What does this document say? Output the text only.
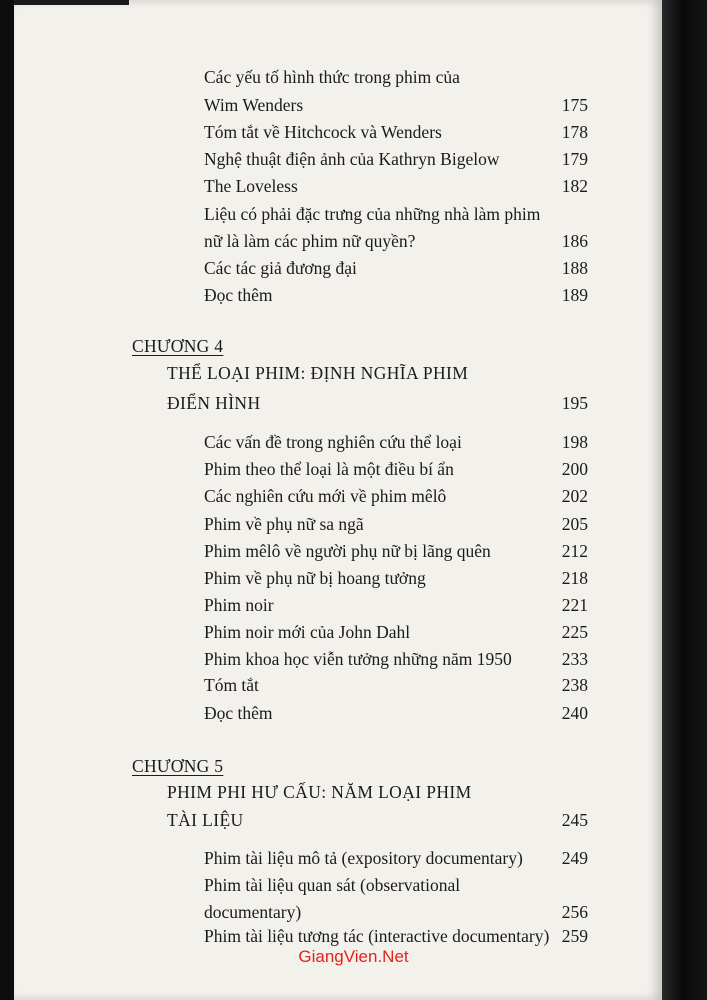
Các yếu tố hình thức trong phim của
Wim Wenders	175
Tóm tắt về Hitchcock và Wenders	178
Nghệ thuật điện ảnh của Kathryn Bigelow	179
The Loveless	182
Liệu có phải đặc trưng của những nhà làm phim
nữ là làm các phim nữ quyền?	186
Các tác giả đương đại	188
Đọc thêm	189
CHƯƠNG 4
THỂ LOẠI PHIM: ĐỊNH NGHĨA PHIM
ĐIỂN HÌNH	195
Các vấn đề trong nghiên cứu thể loại	198
Phim theo thể loại là một điều bí ẩn	200
Các nghiên cứu mới về phim mêlô	202
Phim về phụ nữ sa ngã	205
Phim mêlô về người phụ nữ bị lãng quên	212
Phim về phụ nữ bị hoang tưởng	218
Phim noir	221
Phim noir mới của John Dahl	225
Phim khoa học viễn tưởng những năm 1950	233
Tóm tắt	238
Đọc thêm	240
CHƯƠNG 5
PHIM PHI HƯ CẤU: NĂM LOẠI PHIM
TÀI LIỆU	245
Phim tài liệu mô tả (expository documentary) 249
Phim tài liệu quan sát (observational
documentary)	256
Phim tài liệu tương tác (interactive documentary) 259
GiangVien.Net
